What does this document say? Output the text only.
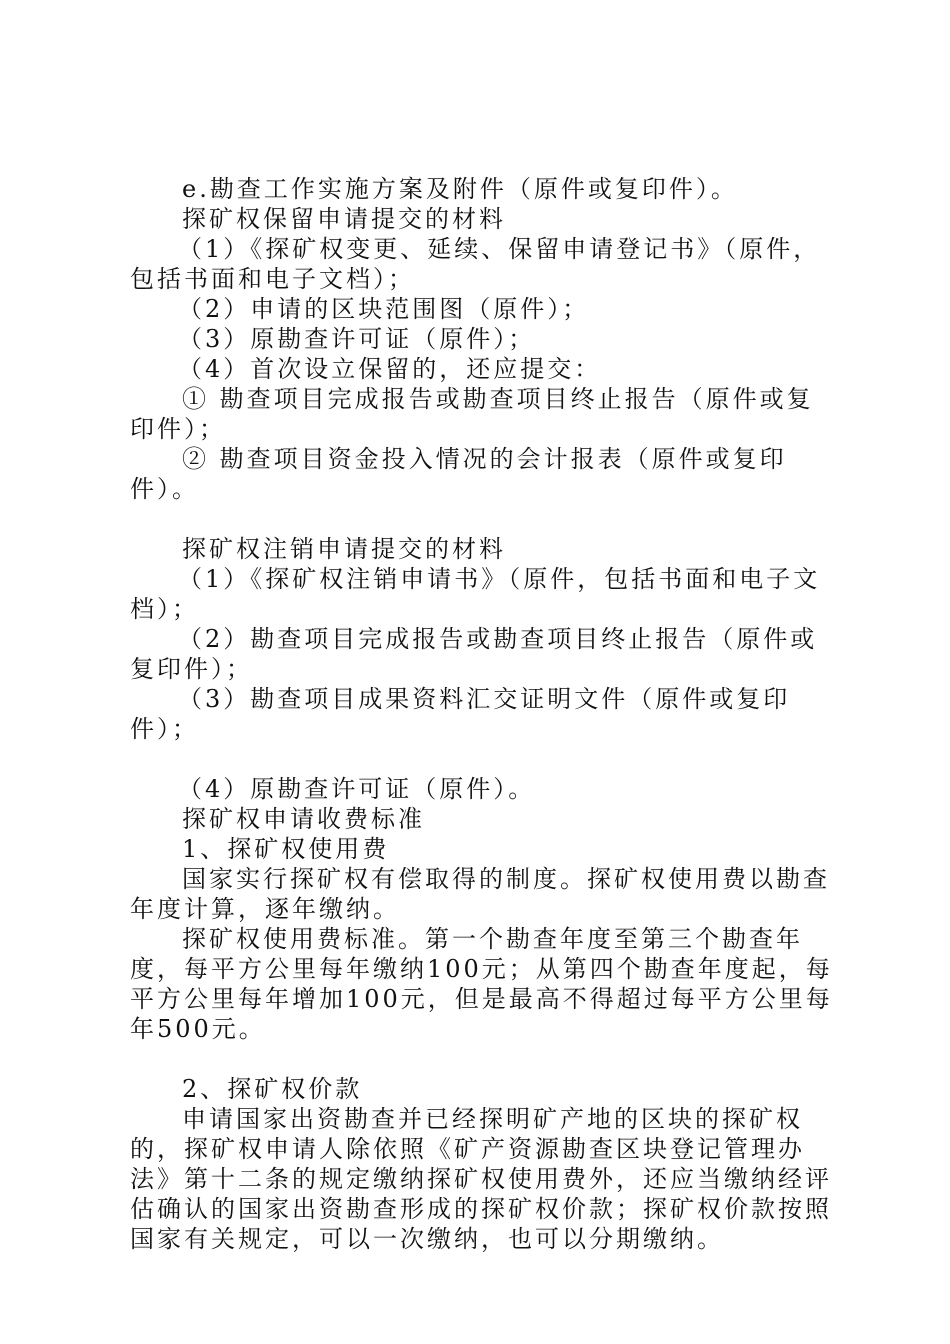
e.勘查工作实施方案及附件（原件或复印件）。

探矿权保留申请提交的材料

（1）《探矿权变更、延续、保留申请登记书》（原件，包括书面和电子文档）；

（2）申请的区块范围图（原件）；

（3）原勘查许可证（原件）；

（4）首次设立保留的，还应提交：

① 勘查项目完成报告或勘查项目终止报告（原件或复印件）；

② 勘查项目资金投入情况的会计报表（原件或复印件）。

探矿权注销申请提交的材料

（1）《探矿权注销申请书》（原件，包括书面和电子文档）；

（2）勘查项目完成报告或勘查项目终止报告（原件或复印件）；

（3）勘查项目成果资料汇交证明文件（原件或复印件）；

（4）原勘查许可证（原件）。

探矿权申请收费标准

1、探矿权使用费

国家实行探矿权有偿取得的制度。探矿权使用费以勘查年度计算，逐年缴纳。

探矿权使用费标准。第一个勘查年度至第三个勘查年度，每平方公里每年缴纳100元；从第四个勘查年度起，每平方公里每年增加100元，但是最高不得超过每平方公里每年500元。

2、探矿权价款

申请国家出资勘查并已经探明矿产地的区块的探矿权的，探矿权申请人除依照《矿产资源勘查区块登记管理办法》第十二条的规定缴纳探矿权使用费外，还应当缴纳经评估确认的国家出资勘查形成的探矿权价款；探矿权价款按照国家有关规定，可以一次缴纳，也可以分期缴纳。
